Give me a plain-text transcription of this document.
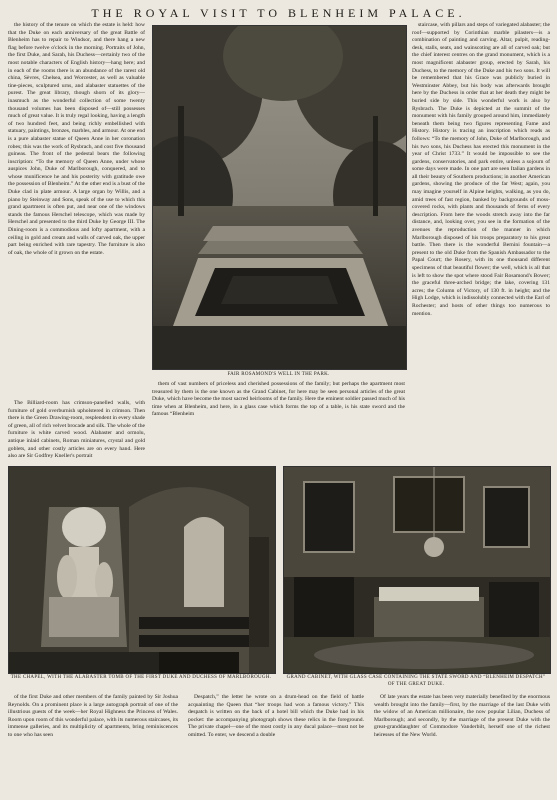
THE ROYAL VISIT TO BLENHEIM PALACE.

the history of the tenure on which the estate is held: how that the Duke on each anniversary of the great Battle of Blenheim has to repair to Windsor, and there hang a new flag before twelve o'clock in the morning. Portraits of John, the first Duke, and Sarah, his Duchess—certainly two of the most notable characters of English history—hang here; and in each of the rooms there is an abundance of the rarest old china, Sèvres, Chelsea, and Worcester, as well as valuable tine-pieces, sculptured urns, and alabaster statuettes of the purest. The great library, though shorn of its glory—inasmuch as the wonderful collection of some twenty thousand volumes has been disposed of—still possesses much of great value. It is truly regal looking, having a length of two hundred feet, and being richly embellished with statuary, paintings, bronzes, marbles, and armour. At one end is a pure alabaster statue of Queen Anne in her coronation robes; this was the work of Rysbrach, and cost five thousand guineas. The front of the pedestal bears the following inscription: “To the memory of Queen Anne, under whose auspices John, Duke of Marlborough, conquered, and to whose munificence he and his posterity with gratitude owe the possession of Blenheim.” At the other end is a bust of the Duke clad in plate armour. A large organ by Willis, and a piano by Steinway and Sons, speak of the use to which this grand apartment is often put, and near one of the windows stands the famous Herschel telescope, which was made by Herschel and presented to the third Duke by George III. The Dining-room is a commodious and lofty apartment, with a ceiling in gold and cream and walls of carved oak, the upper part being enriched with rare tapestry. The furniture is also of oak, the whole of it grown on the estate.

FAIR ROSAMOND'S WELL IN THE PARK.

staircase, with pillars and steps of variegated alabaster; the roof—supported by Corinthian marble pilasters—is a combination of painting and carving. Altar, pulpit, reading-desk, stalls, seats, and wainscoting are all of carved oak; but the chief interest centres on the grand monument, which is a most magnificent alabaster group, erected by Sarah, his Duchess, to the memory of the Duke and his two sons. It will be remembered that his Grace was publicly buried in Westminster Abbey, but his body was afterwards brought here by the Duchess in order that at her death they might be buried side by side. This wonderful work is also by Rysbrach. The Duke is depicted at the summit of the monument with his family grouped around him, immediately beneath them being two figures representing Fame and History. History is tracing an inscription which reads as follows: “To the memory of John, Duke of Marlborough, and his two sons, his Duchess has erected this monument in the year of Christ 1733.” It would be impossible to see the gardens, conservatories, and park entire, unless a sojourn of some days were made. In one part are seen Italian gardens in all their beauty of Southern productions; in another American gardens, showing the produce of the far West; again, you may imagine yourself in Alpine heights, walking, as you do, amid trees of fast region, banked by backgrounds of moss-covered rocks, with plants and thousands of ferns of every description. From here the woods stretch away into the far distance, and, looking over, you see in the formation of the avenues the reproduction of the manner in which Marlborough disposed of his troops preparatory to his great battle. Then there is the wonderful Bernini fountain—a present to the old Duke from the Spanish Ambassador to the Papal Court; the Rosery, with its one thousand different specimens of that beautiful flower; the well, which is all that is left to show the spot where stood Fair Rosamond's Bower; the graceful three-arched bridge; the lake, covering 131 acres; the Column of Victory, of 130 ft. in height; and the High Lodge, which is indissolubly connected with the Earl of Rochester; and hosts of other things too numerous to mention.

The Billiard-room has crimson-panelled walls, with furniture of gold overburnish upholstered in crimson. Then there is the Green Drawing-room, resplendent in every shade of green, all of rich velvet brocade and silk. The whole of the furniture is white carved wood. Alabaster and ormolu, antique inlaid cabinets, Roman miniatures, crystal and gold goblets, and other costly articles are on every hand. Here also are Sir Godfrey Kneller's portrait

them of vast numbers of priceless and cherished possessions of the family; but perhaps the apartment most treasured by them is the one known as the Grand Cabinet, for here may be seen personal articles of the great Duke, which have become the most sacred heirlooms of the family. Here the eminent soldier passed much of his time when at Blenheim, and here, in a glass case which forms the top of a table, is his state sword and the famous “Blenheim

THE CHAPEL, WITH THE ALABASTER TOMB OF THE FIRST DUKE AND DUCHESS OF MARLBOROUGH.	GRAND CABINET, WITH GLASS CASE CONTAINING THE STATE SWORD AND “BLENHEIM DESPATCH” OF THE GREAT DUKE.

of the first Duke and other members of the family painted by Sir Joshua Reynolds. On a prominent place is a large autograph portrait of one of the illustrious guests of the week—her Royal Highness the Princess of Wales. Room upon room of this wonderful palace, with its numerous staircases, its immense galleries, and its multiplicity of apartments, bring reminiscences to one who has seen

Despatch,” the letter he wrote on a drum-head on the field of battle acquainting the Queen that “her troops had won a famous victory.” This despatch is written on the back of a hotel bill which the Duke had in his pocket: the accompanying photograph shows these relics in the foreground. The private chapel—one of the most costly in any ducal palace—must not be omitted. To enter, we descend a double

Of late years the estate has been very materially benefited by the enormous wealth brought into the family—first, by the marriage of the last Duke with the widow of an American millionaire, the now popular Lilian, Duchess of Marlborough; and secondly, by the marriage of the present Duke with the great-granddaughter of Commodore Vanderbilt, herself one of the richest heiresses of the New World.
